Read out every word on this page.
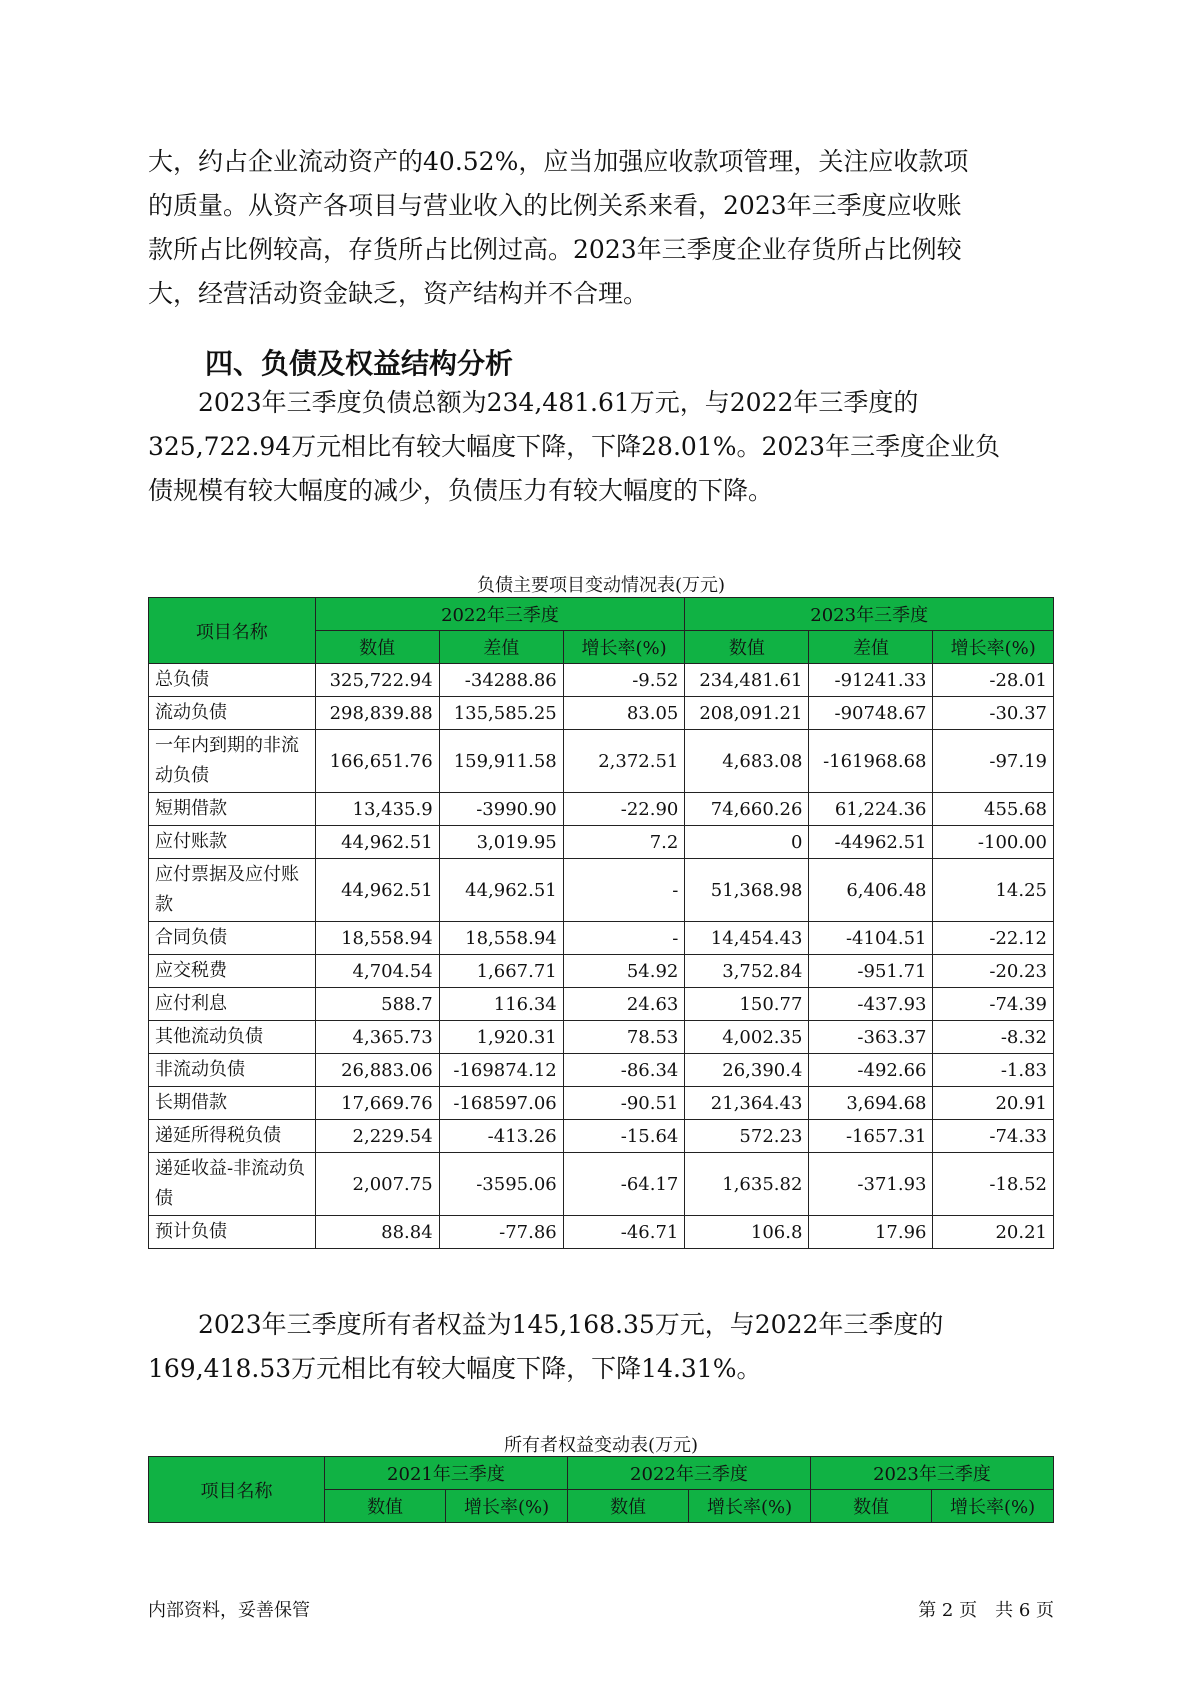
大，约占企业流动资产的40.52%，应当加强应收款项管理，关注应收款项
的质量。从资产各项目与营业收入的比例关系来看，2023年三季度应收账
款所占比例较高，存货所占比例过高。2023年三季度企业存货所占比例较
大，经营活动资金缺乏，资产结构并不合理。
四、负债及权益结构分析
　　2023年三季度负债总额为234,481.61万元，与2022年三季度的
325,722.94万元相比有较大幅度下降，下降28.01%。2023年三季度企业负
债规模有较大幅度的减少，负债压力有较大幅度的下降。
负债主要项目变动情况表(万元)
项目名称	2022年三季度			2023年三季度		
	数值	差值	增长率(%)	数值	差值	增长率(%)
总负债	325,722.94	-34288.86	-9.52	234,481.61	-91241.33	-28.01
流动负债	298,839.88	135,585.25	83.05	208,091.21	-90748.67	-30.37
一年内到期的非流动负债	166,651.76	159,911.58	2,372.51	4,683.08	-161968.68	-97.19
短期借款	13,435.9	-3990.90	-22.90	74,660.26	61,224.36	455.68
应付账款	44,962.51	3,019.95	7.2	0	-44962.51	-100.00
应付票据及应付账款	44,962.51	44,962.51	-	51,368.98	6,406.48	14.25
合同负债	18,558.94	18,558.94	-	14,454.43	-4104.51	-22.12
应交税费	4,704.54	1,667.71	54.92	3,752.84	-951.71	-20.23
应付利息	588.7	116.34	24.63	150.77	-437.93	-74.39
其他流动负债	4,365.73	1,920.31	78.53	4,002.35	-363.37	-8.32
非流动负债	26,883.06	-169874.12	-86.34	26,390.4	-492.66	-1.83
长期借款	17,669.76	-168597.06	-90.51	21,364.43	3,694.68	20.91
递延所得税负债	2,229.54	-413.26	-15.64	572.23	-1657.31	-74.33
递延收益-非流动负债	2,007.75	-3595.06	-64.17	1,635.82	-371.93	-18.52
预计负债	88.84	-77.86	-46.71	106.8	17.96	20.21
　　2023年三季度所有者权益为145,168.35万元，与2022年三季度的
169,418.53万元相比有较大幅度下降，下降14.31%。
所有者权益变动表(万元)
项目名称	2021年三季度		2022年三季度		2023年三季度	
	数值	增长率(%)	数值	增长率(%)	数值	增长率(%)
内部资料，妥善保管	第 2 页　共 6 页
